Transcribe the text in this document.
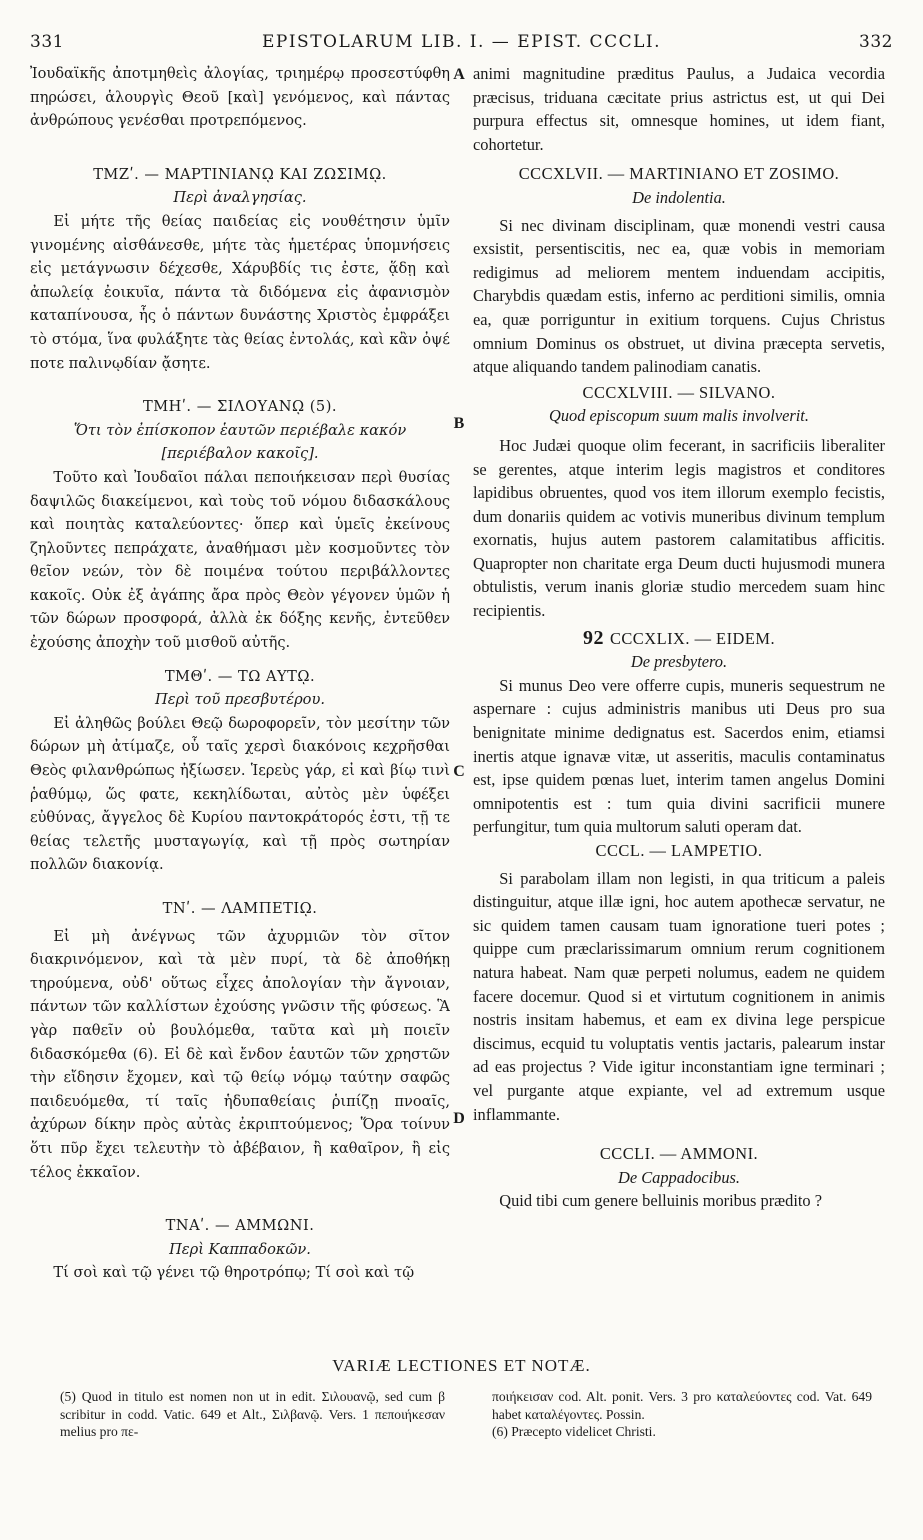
331	EPISTOLARUM LIB. I. — EPIST. CCCLI.	332

Ἰουδαϊκῆς ἀποτμηθεὶς ἀλογίας, τριημέρῳ προσεστύφθη πηρώσει, ἁλουργὶς Θεοῦ [καὶ] γενόμενος, καὶ πάντας ἀνθρώπους γενέσθαι προτρεπόμενος.

ΤΜΖʹ. — ΜΑΡΤΙΝΙΑΝῼ ΚΑΙ ΖΩΣΙΜῼ.
Περὶ ἀναλγησίας.

Εἰ μήτε τῆς θείας παιδείας εἰς νουθέτησιν ὑμῖν γινομένης αἰσθάνεσθε, μήτε τὰς ἡμετέρας ὑπομνήσεις εἰς μετάγνωσιν δέχεσθε, Χάρυβδίς τις ἐστε, ᾅδῃ καὶ ἀπωλείᾳ ἐοικυῖα, πάντα τὰ διδόμενα εἰς ἀφανισμὸν καταπίνουσα, ἧς ὁ πάντων δυνάστης Χριστὸς ἐμφράξει τὸ στόμα, ἵνα φυλάξητε τὰς θείας ἐντολάς, καὶ κἂν ὀψέ ποτε παλινῳδίαν ᾄσητε.

ΤΜΗʹ. — ΣΙΛΟΥΑΝῼ (5).
Ὅτι τὸν ἐπίσκοπον ἑαυτῶν περιέβαλε κακόν [περιέβαλον κακοῖς].

Τοῦτο καὶ Ἰουδαῖοι πάλαι πεποιήκεισαν περὶ θυσίας δαψιλῶς διακείμενοι, καὶ τοὺς τοῦ νόμου διδασκάλους καὶ ποιητὰς καταλεύοντες· ὅπερ καὶ ὑμεῖς ἐκείνους ζηλοῦντες πεπράχατε, ἀναθήμασι μὲν κοσμοῦντες τὸν θεῖον νεών, τὸν δὲ ποιμένα τούτου περιβάλλοντες κακοῖς. Οὐκ ἐξ ἀγάπης ἄρα πρὸς Θεὸν γέγονεν ὑμῶν ἡ τῶν δώρων προσφορά, ἀλλὰ ἐκ δόξης κενῆς, ἐντεῦθεν ἐχούσης ἀποχὴν τοῦ μισθοῦ αὐτῆς.

ΤΜΘʹ. — ΤΩ ΑΥΤῼ.
Περὶ τοῦ πρεσβυτέρου.

Εἰ ἀληθῶς βούλει Θεῷ δωροφορεῖν, τὸν μεσίτην τῶν δώρων μὴ ἀτίμαζε, οὗ ταῖς χερσὶ διακόνοις κεχρῆσθαι Θεὸς φιλανθρώπως ἠξίωσεν. Ἱερεὺς γάρ, εἰ καὶ βίῳ τινὶ ῥαθύμῳ, ὥς φατε, κεκηλίδωται, αὐτὸς μὲν ὑφέξει εὐθύνας, ἄγγελος δὲ Κυρίου παντοκράτορός ἐστι, τῇ τε θείας τελετῆς μυσταγωγίᾳ, καὶ τῇ πρὸς σωτηρίαν πολλῶν διακονίᾳ.

ΤΝʹ. — ΛΑΜΠΕΤΙῼ.

Εἰ μὴ ἀνέγνως τῶν ἀχυρμιῶν τὸν σῖτον διακρινόμενον, καὶ τὰ μὲν πυρί, τὰ δὲ ἀποθήκῃ τηρούμενα, οὐδ' οὕτως εἶχες ἀπολογίαν τὴν ἄγνοιαν, πάντων τῶν καλλίστων ἐχούσης γνῶσιν τῆς φύσεως. Ἃ γὰρ παθεῖν οὐ βουλόμεθα, ταῦτα καὶ μὴ ποιεῖν διδασκόμεθα (6). Εἰ δὲ καὶ ἔνδον ἑαυτῶν τῶν χρηστῶν τὴν εἴδησιν ἔχομεν, καὶ τῷ θείῳ νόμῳ ταύτην σαφῶς παιδευόμεθα, τί ταῖς ἡδυπαθείαις ῥιπίζῃ πνοαῖς, ἀχύρων δίκην πρὸς αὐτὰς ἐκριπτούμενος; Ὅρα τοίνυν ὅτι πῦρ ἔχει τελευτὴν τὸ ἀβέβαιον, ἢ καθαῖρον, ἢ εἰς τέλος ἐκκαῖον.

ΤΝΑʹ. — ΑΜΜΩΝΙ.
Περὶ Καππαδοκῶν.

Τί σοὶ καὶ τῷ γένει τῷ θηροτρόπῳ; Τί σοὶ καὶ τῷ

A
B
C
D

animi magnitudine præditus Paulus, a Judaica vecordia præcisus, triduana cæcitate prius astrictus est, ut qui Dei purpura effectus sit, omnesque homines, ut idem fiant, cohortetur.

CCCXLVII. — MARTINIANO ET ZOSIMO.
De indolentia.

Si nec divinam disciplinam, quæ monendi vestri causa exsistit, persentiscitis, nec ea, quæ vobis in memoriam redigimus ad meliorem mentem induendam accipitis, Charybdis quædam estis, inferno ac perditioni similis, omnia ea, quæ porriguntur in exitium torquens. Cujus Christus omnium Dominus os obstruet, ut divina præcepta servetis, atque aliquando tandem palinodiam canatis.

CCCXLVIII. — SILVANO.
Quod episcopum suum malis involverit.

Hoc Judæi quoque olim fecerant, in sacrificiis liberaliter se gerentes, atque interim legis magistros et conditores lapidibus obruentes, quod vos item illorum exemplo fecistis, dum donariis quidem ac votivis muneribus divinum templum exornatis, hujus autem pastorem calamitatibus afficitis. Quapropter non charitate erga Deum ducti hujusmodi munera obtulistis, verum inanis gloriæ studio mercedem suam hinc recipientis.

92 CCCXLIX. — EIDEM.
De presbytero.

Si munus Deo vere offerre cupis, muneris sequestrum ne aspernare : cujus administris manibus uti Deus pro sua benignitate minime dedignatus est. Sacerdos enim, etiamsi inertis atque ignavæ vitæ, ut asseritis, maculis contaminatus est, ipse quidem pœnas luet, interim tamen angelus Domini omnipotentis est : tum quia divini sacrificii munere perfungitur, tum quia multorum saluti operam dat.

CCCL. — LAMPETIO.

Si parabolam illam non legisti, in qua triticum a paleis distinguitur, atque illæ igni, hoc autem apothecæ servatur, ne sic quidem tamen causam tuam ignoratione tueri potes ; quippe cum præclarissimarum omnium rerum cognitionem natura habeat. Nam quæ perpeti nolumus, eadem ne quidem facere docemur. Quod si et virtutum cognitionem in animis nostris insitam habemus, et eam ex divina lege perspicue discimus, ecquid tu voluptatis ventis jactaris, palearum instar ad eas projectus ? Vide igitur inconstantiam igne terminari ; vel purgante atque expiante, vel ad extremum usque inflammante.

CCCLI. — AMMONI.
De Cappadocibus.

Quid tibi cum genere belluinis moribus prædito ?

VARIÆ LECTIONES ET NOTÆ.

(5) Quod in titulo est nomen non ut in edit. Σιλουανῷ, sed cum β scribitur in codd. Vatic. 649 et Alt., Σιλβανῷ. Vers. 1 πεποιήκεσαν melius pro πε-

ποιήκεισαν cod. Alt. ponit. Vers. 3 pro καταλεύοντες cod. Vat. 649 habet καταλέγοντες. Possin.

(6) Præcepto videlicet Christi.
